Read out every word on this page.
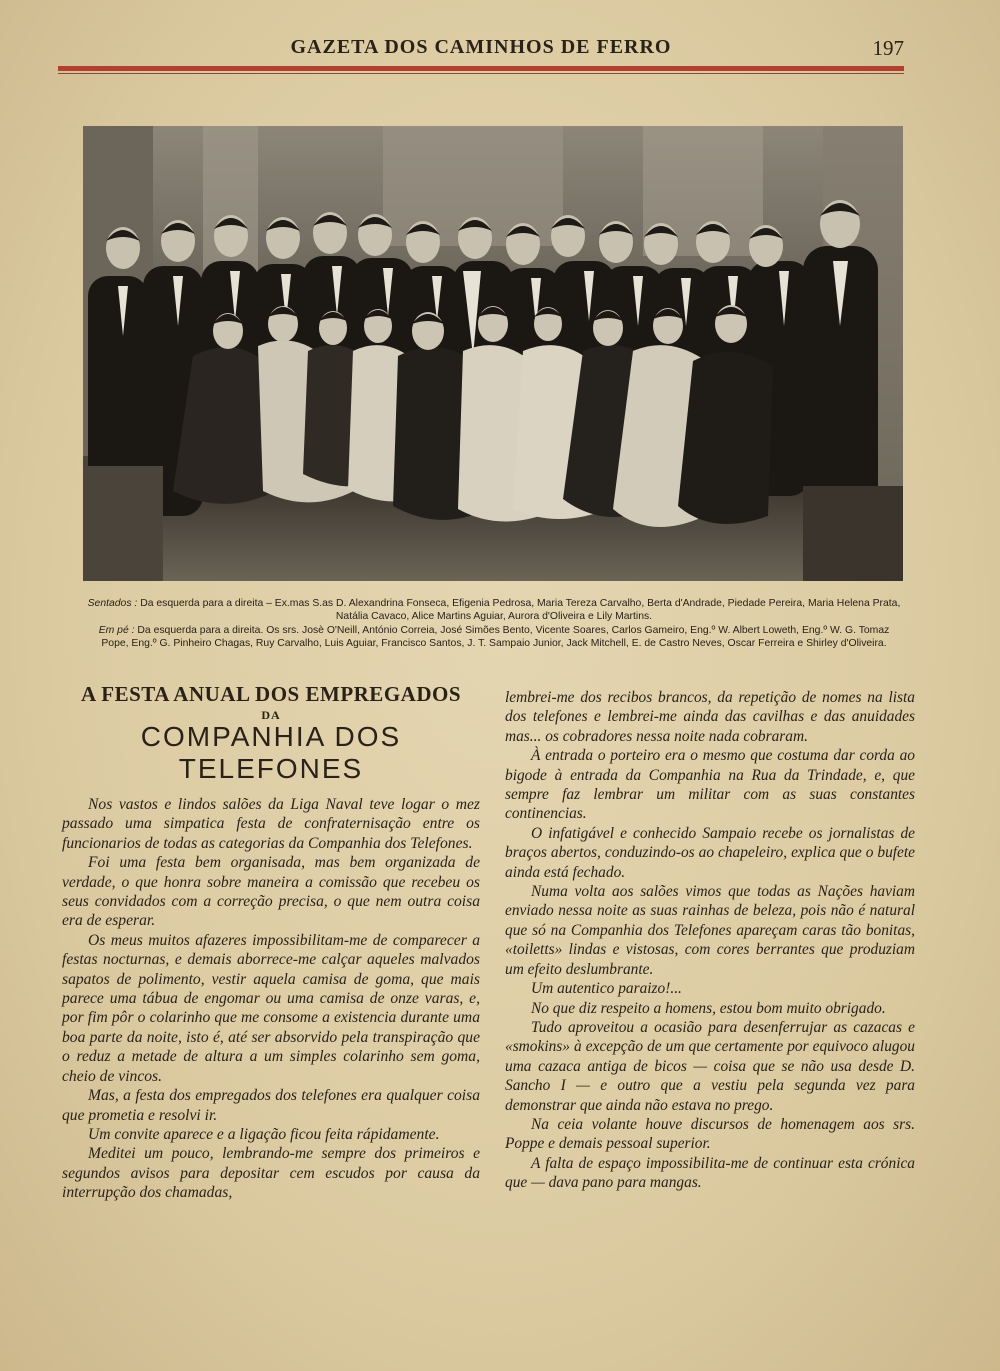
GAZETA DOS CAMINHOS DE FERRO	197

Sentados : Da esquerda para a direita – Ex.mas S.as D. Alexandrina Fonseca, Efigenia Pedrosa, Maria Tereza Carvalho, Berta d'Andrade, Piedade Pereira, Maria Helena Prata, Natália Cavaco, Alice Martins Aguiar, Aurora d'Oliveira e Lily Martins.

Em pé : Da esquerda para a direita. Os srs. Josè O'Neill, António Correia, José Simões Bento, Vicente Soares, Carlos Gameiro, Eng.º W. Albert Loweth, Eng.º W. G. Tomaz Pope, Eng.º G. Pinheiro Chagas, Ruy Carvalho, Luis Aguiar, Francisco Santos, J. T. Sampaio Junior, Jack Mitchell, E. de Castro Neves, Oscar Ferreira e Shirley d'Oliveira.

A FESTA ANUAL DOS EMPREGADOS
DA
COMPANHIA DOS TELEFONES

Nos vastos e lindos salões da Liga Naval teve logar o mez passado uma simpatica festa de confraternisação entre os funcionarios de todas as categorias da Companhia dos Telefones.

Foi uma festa bem organisada, mas bem organizada de verdade, o que honra sobre maneira a comissão que recebeu os seus convidados com a correção precisa, o que nem outra coisa era de esperar.

Os meus muitos afazeres impossibilitam-me de comparecer a festas nocturnas, e demais aborrece-me calçar aqueles malvados sapatos de polimento, vestir aquela camisa de goma, que mais parece uma tábua de engomar ou uma camisa de onze varas, e, por fim pôr o colarinho que me consome a existencia durante uma boa parte da noite, isto é, até ser absorvido pela transpiração que o reduz a metade de altura a um simples colarinho sem goma, cheio de vincos.

Mas, a festa dos empregados dos telefones era qualquer coisa que prometia e resolvi ir.

Um convite aparece e a ligação ficou feita rápidamente.

Meditei um pouco, lembrando-me sempre dos primeiros e segundos avisos para depositar cem escudos por causa da interrupção dos chamadas,

lembrei-me dos recibos brancos, da repetição de nomes na lista dos telefones e lembrei-me ainda das cavilhas e das anuidades mas... os cobradores nessa noite nada cobraram.

À entrada o porteiro era o mesmo que costuma dar corda ao bigode à entrada da Companhia na Rua da Trindade, e, que sempre faz lembrar um militar com as suas constantes continencias.

O infatigável e conhecido Sampaio recebe os jornalistas de braços abertos, conduzindo-os ao chapeleiro, explica que o bufete ainda está fechado.

Numa volta aos salões vimos que todas as Nações haviam enviado nessa noite as suas rainhas de beleza, pois não é natural que só na Companhia dos Telefones apareçam caras tão bonitas, «toiletts» lindas e vistosas, com cores berrantes que produziam um efeito deslumbrante.

Um autentico paraizo!...

No que diz respeito a homens, estou bom muito obrigado.

Tudo aproveitou a ocasião para desenferrujar as cazacas e «smokins» à excepção de um que certamente por equivoco alugou uma cazaca antiga de bicos — coisa que se não usa desde D. Sancho I — e outro que a vestiu pela segunda vez para demonstrar que ainda não estava no prego.

Na ceia volante houve discursos de homenagem aos srs. Poppe e demais pessoal superior.

A falta de espaço impossibilita-me de continuar esta crónica que — dava pano para mangas.
